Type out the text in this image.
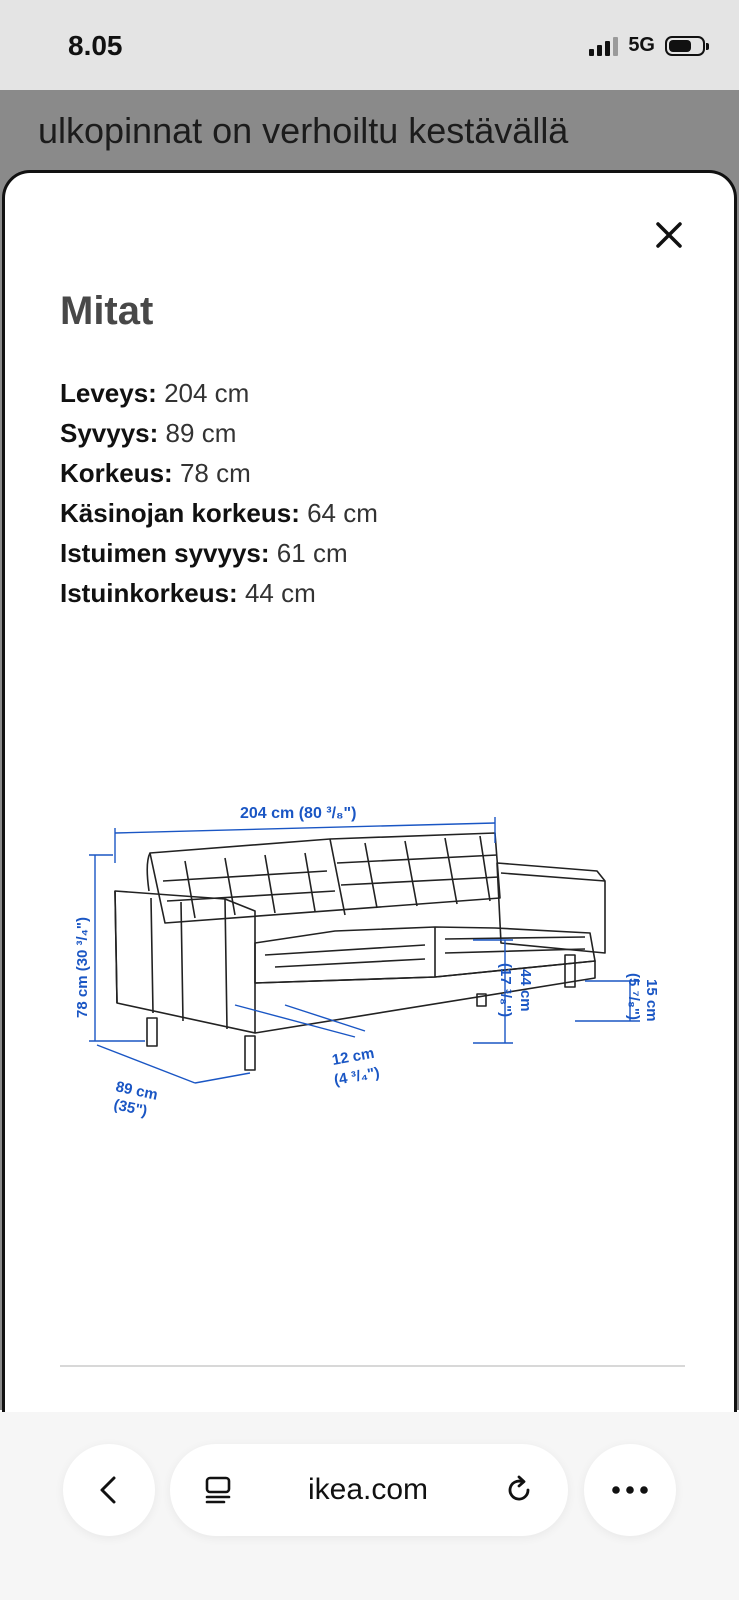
8.05	5G

ulkopinnat on verhoiltu kestävällä
Mitat
Leveys: 204 cm
Syvyys: 89 cm
Korkeus: 78 cm
Käsinojan korkeus: 64 cm
Istuimen syvyys: 61 cm
Istuinkorkeus: 44 cm
204 cm (80 ³/₈")
78 cm (30 ³/₄")
89 cm
(35")
12 cm
(4 ³/₄")
44 cm
(17 ³/₈")	15 cm
(5 ⁷/₈")
ikea.com
